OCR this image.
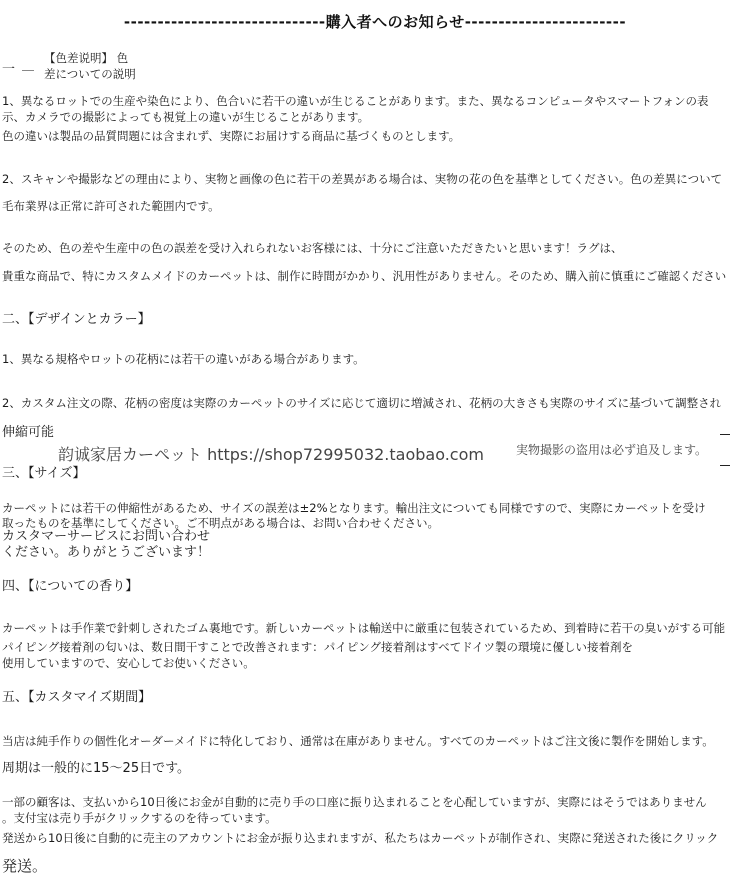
------------------------------購入者へのお知らせ------------------------
一
【色差说明】 色
差についての説明
1、異なるロットでの生産や染色により、色合いに若干の違いが生じることがあります。また、異なるコンピュータやスマートフォンの表
示、カメラでの撮影によっても視覚上の違いが生じることがあります。
色の違いは製品の品質問題には含まれず、実際にお届けする商品に基づくものとします。
2、スキャンや撮影などの理由により、実物と画像の色に若干の差異がある場合は、実物の花の色を基準としてください。色の差異について
毛布業界は正常に許可された範囲内です。
そのため、色の差や生産中の色の誤差を受け入れられないお客様には、十分にご注意いただきたいと思います！ラグは、
貴重な商品で、特にカスタムメイドのカーペットは、制作に時間がかかり、汎用性がありません。そのため、購入前に慎重にご確認ください
二、【デザインとカラー】
1、異なる規格やロットの花柄には若干の違いがある場合があります。
2、カスタム注文の際、花柄の密度は実際のカーペットのサイズに応じて適切に増減され、花柄の大きさも実際のサイズに基づいて調整され
伸縮可能
韵诚家居カーペット https://shop72995032.taobao.com	実物撮影の盗用は必ず追及します。
三、【サイズ】
カーペットには若干の伸縮性があるため、サイズの誤差は±2%となります。輸出注文についても同様ですので、実際にカーペットを受け
取ったものを基準にしてください。ご不明点がある場合は、お問い合わせください。
カスタマーサービスにお問い合わせ
ください。ありがとうございます！
四、【についての香り】
カーペットは手作業で針刺しされたゴム裏地です。新しいカーペットは輸送中に厳重に包装されているため、到着時に若干の臭いがする可能
パイピング接着剤の匂いは、数日間干すことで改善されます：パイピング接着剤はすべてドイツ製の環境に優しい接着剤を
使用していますので、安心してお使いください。
五、【カスタマイズ期間】
当店は純手作りの個性化オーダーメイドに特化しており、通常は在庫がありません。すべてのカーペットはご注文後に製作を開始します。
周期は一般的に15～25日です。
一部の顧客は、支払いから10日後にお金が自動的に売り手の口座に振り込まれることを心配していますが、実際にはそうではありません
。支付宝は売り手がクリックするのを待っています。
発送から10日後に自動的に売主のアカウントにお金が振り込まれますが、私たちはカーペットが制作され、実際に発送された後にクリック
発送。
